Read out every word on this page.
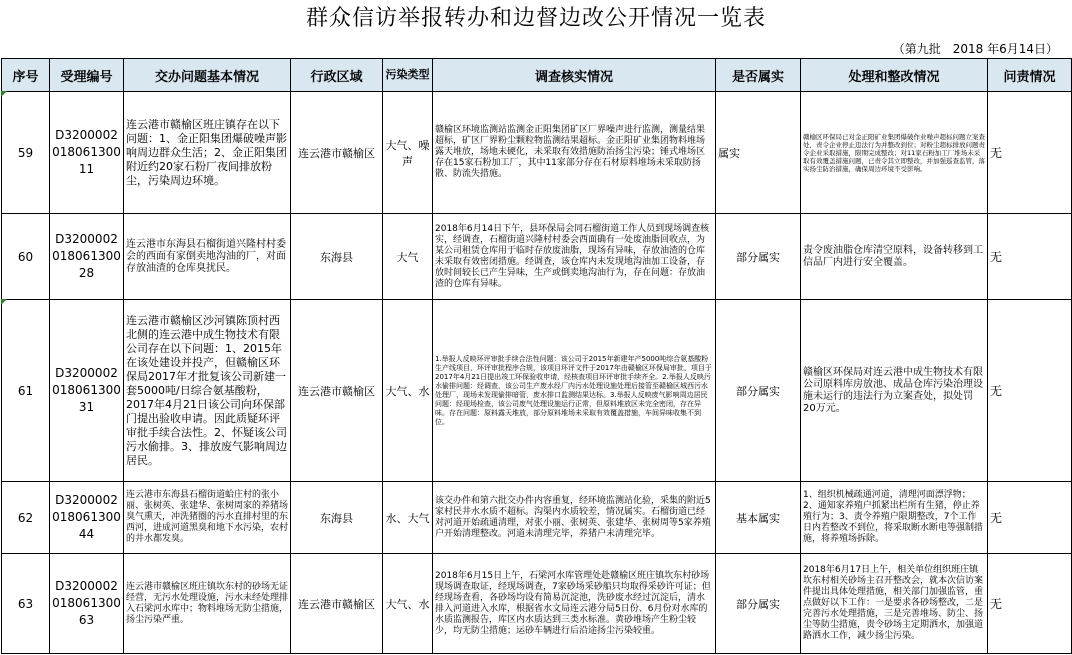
群众信访举报转办和边督边改公开情况一览表
（第九批　2018 年6月14日）
序号	受理编号	交办问题基本情况	行政区域	污染类型	调查核实情况	是否属实	处理和整改情况	问责情况
59	D320000201806130011	连云港市赣榆区班庄镇存在以下问题：1、金正阳集团爆破噪声影响周边群众生活；2、金正阳集团附近约20家石粉厂夜间排放粉尘，污染周边环境。	连云港市赣榆区	大气、噪声	赣榆区环境监测站监测金正阳集团矿区厂界噪声进行监测，测量结果超标，矿区厂界粉尘颗粒物监测结果超标。金正阳矿业集团物料堆场露天堆放，场地未硬化，未采取有效措施防治扬尘污染；锤式堆场区存在15家石粉加工厂，其中11家部分存在石材原料堆场未采取防扬散、防流失措施。	属实	赣榆区环保局已对金正阳矿业集团爆破作业噪声超标问题立案查处，责令企业停止违法行为并整改到位；对粉尘超标排放问题责令企业采取措施，限期完成整改；对11家石粉加工厂堆场未采取有效覆盖措施问题，已责令其立即整改，并加强巡查监管，落实扬尘防治措施，确保周边环境不受影响。	无
60	D320000201806130028	连云港市东海县石榴街道兴隆村村委会的西面有家倒卖地沟油的厂，对面存放油渣的仓库臭扰民。	东海县	大气	2018年6月14日下午，县环保局会同石榴街道工作人员到现场调查核实，经调查，石榴街道兴隆村村委会西面确有一处废油脂回收点，为某公司租赁仓库用于临时存放废油脂，现场有异味，存放油渣的仓库未采取有效密闭措施。经调查，该仓库内未发现地沟油加工设备，存放时间较长已产生异味，生产或倒卖地沟油行为，存在问题：存放油渣的仓库有异味。	部分属实	责令废油脂仓库清空原料，设备转移到工信品厂内进行安全覆盖。	无
61	D320000201806130031	连云港市赣榆区沙河镇陈顶村西北侧的连云港中成生物技术有限公司存在以下问题：1、2015年在该处建设并投产，但赣榆区环保局2017年才批复该公司新建一套5000吨/日综合氨基酸粉，2017年4月21日该公司向环保部门提出验收申请。因此质疑环评审批手续合法性。2、怀疑该公司污水偷排。3、排放废气影响周边居民。	连云港市赣榆区	大气、水	1.举报人反映环评审批手续合法性问题：该公司于2015年新建年产5000吨综合氨基酸粉生产线项目，环评审批程序合规，该项目环评文件于2017年由赣榆区环保局审批，项目于2017年4月21日提出竣工环保验收申请，经核查项目环评审批手续齐全。2.举报人反映污水偷排问题：经调查，该公司生产废水经厂内污水处理设施处理后接管至赣榆区城西污水处理厂，现场未发现偷排暗管，废水排口监测结果达标。3.举报人反映废气影响周边居民问题：经现场检查，该公司废气处理设施运行正常，但原料堆放区未完全密闭，存在异味。存在问题：原料露天堆放，部分原料堆场未采取有效覆盖措施，车间异味收集不到位。	部分属实	赣榆区环保局对连云港中成生物技术有限公司原料库房放池、成品仓库污染治理设施未运行的违法行为立案查处，拟处罚20万元。	无
62	D320000201806130044	连云港市东海县石榴街道蛤庄村的张小丽、张树英、张建华、张树周家的养猪场臭气熏天，冲洗猪圈的污水直排村里的东西河，进成河道黑臭和地下水污染，农村的井水都发臭。	东海县	水、大气	该交办件和第六批交办件内容重复，经环境监测站化验，采集的附近5家村民井水水质不超标。沟渠内水质较差，情况属实。石榴街道已经对河道开始疏通清理，对张小丽、张树英、张建华、张树周等5家养殖户开始清理整改。河道未清理完毕，养猪户未清理完毕。	基本属实	1、组织机械疏通河道，清理河面漂浮物；2、通知家养殖户抓紧出栏所有生猪，停止养殖行为；3、责令养殖户限期整改，7个工作日内若整改不到位，将采取断水断电等强制措施，将养殖场拆除。	无
63	D320000201806130063	连云港市赣榆区班庄镇坎东村的砂场无证经营，无污水处理设施，污水未经处理排入石梁河水库中；物料堆场无防尘措施，扬尘污染严重。	连云港市赣榆区	大气、水	2018年6月15日上午，石梁河水库管理处赴赣榆区班庄镇坎东村砂场现场调查取证，经现场调查，7家砂场采砂船只均取得采砂许可证；但经现场查看，各砂场均设有简易沉淀池，洗砂废水经过沉淀后，清水排入河道进入水库，根据省水文局连云港分局5日份、6月份对水库的水质监测报告，库区内水质达到三类水标准。黄砂堆场产生粉尘较少，均无防尘措施；运砂车辆进行后沿途扬尘污染较重。	部分属实	2018年6月17日上午，相关单位组织班庄镇坎东村相关砂场主召开整改会，就本次信访案件提出具体处理措施，相关部门加强监管，重点做好以下工作：一是要求各砂场整改，二是完善污水处理措施，三是完善堆场、防尘、扬尘等防尘措施，责令砂场主定期洒水，加强道路洒水工作，减少扬尘污染。	无
